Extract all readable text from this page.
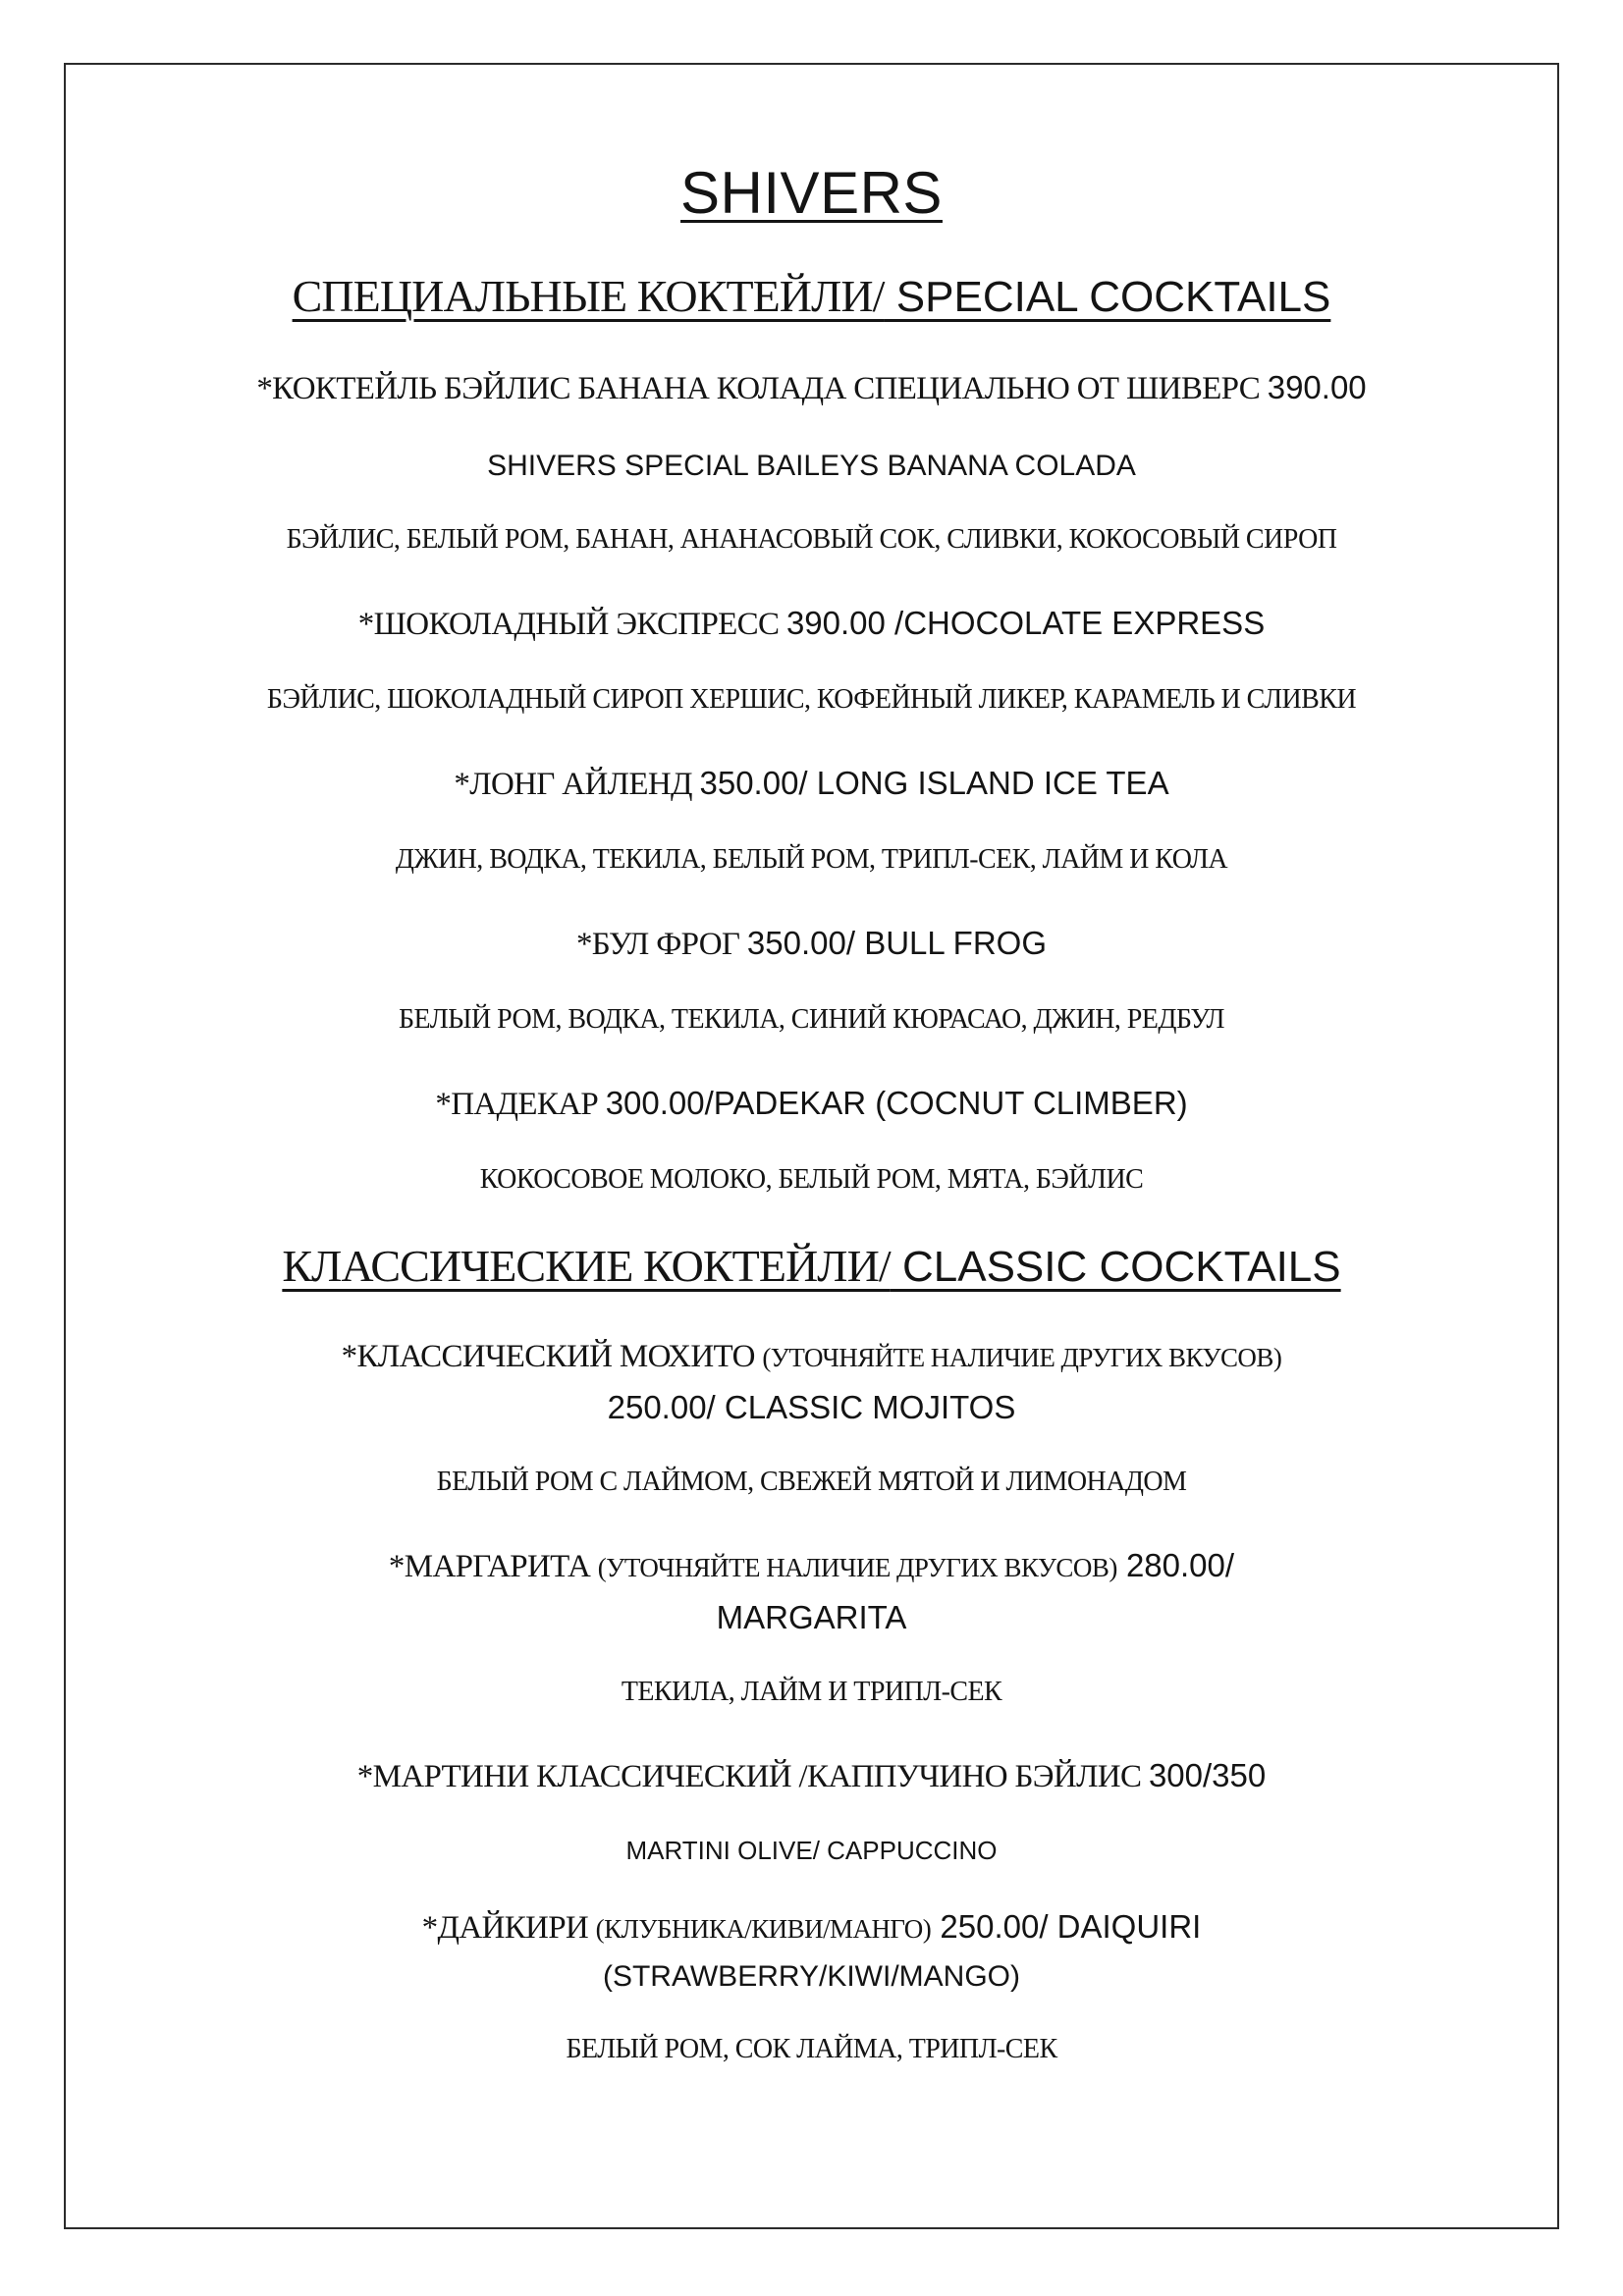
SHIVERS
СПЕЦИАЛЬНЫЕ КОКТЕЙЛИ/ SPECIAL COCKTAILS

*КОКТЕЙЛЬ БЭЙЛИС БАНАНА КОЛАДА СПЕЦИАЛЬНО ОТ ШИВЕРС 390.00

SHIVERS SPECIAL BAILEYS BANANA COLADA

БЭЙЛИС, БЕЛЫЙ РОМ, БАНАН, АНАНАСОВЫЙ СОК, СЛИВКИ, КОКОСОВЫЙ СИРОП

*ШОКОЛАДНЫЙ ЭКСПРЕСС 390.00 /CHOCOLATE EXPRESS

БЭЙЛИС, ШОКОЛАДНЫЙ СИРОП ХЕРШИС, КОФЕЙНЫЙ ЛИКЕР, КАРАМЕЛЬ И СЛИВКИ

*ЛОНГ АЙЛЕНД 350.00/ LONG ISLAND ICE TEA

ДЖИН, ВОДКА, ТЕКИЛА, БЕЛЫЙ РОМ, ТРИПЛ-СЕК, ЛАЙМ И КОЛА

*БУЛ ФРОГ 350.00/ BULL FROG

БЕЛЫЙ РОМ, ВОДКА, ТЕКИЛА, СИНИЙ КЮРАСАО, ДЖИН, РЕДБУЛ

*ПАДЕКАР 300.00/PADEKAR (COCNUT CLIMBER)

КОКОСОВОЕ МОЛОКО, БЕЛЫЙ РОМ, МЯТА, БЭЙЛИС

КЛАССИЧЕСКИЕ КОКТЕЙЛИ/ CLASSIC COCKTAILS

*КЛАССИЧЕСКИЙ МОХИТО (УТОЧНЯЙТЕ НАЛИЧИЕ ДРУГИХ ВКУСОВ)
250.00/ CLASSIC MOJITOS

БЕЛЫЙ РОМ С ЛАЙМОМ, СВЕЖЕЙ МЯТОЙ И ЛИМОНАДОМ

*МАРГАРИТА (УТОЧНЯЙТЕ НАЛИЧИЕ ДРУГИХ ВКУСОВ) 280.00/
MARGARITA

ТЕКИЛА, ЛАЙМ И ТРИПЛ-СЕК

*МАРТИНИ КЛАССИЧЕСКИЙ /КАППУЧИНО БЭЙЛИС 300/350

MARTINI OLIVE/ CAPPUCCINO

*ДАЙКИРИ (КЛУБНИКА/КИВИ/МАНГО) 250.00/ DAIQUIRI
(STRAWBERRY/KIWI/MANGO)

БЕЛЫЙ РОМ, СОК ЛАЙМА, ТРИПЛ-СЕК
